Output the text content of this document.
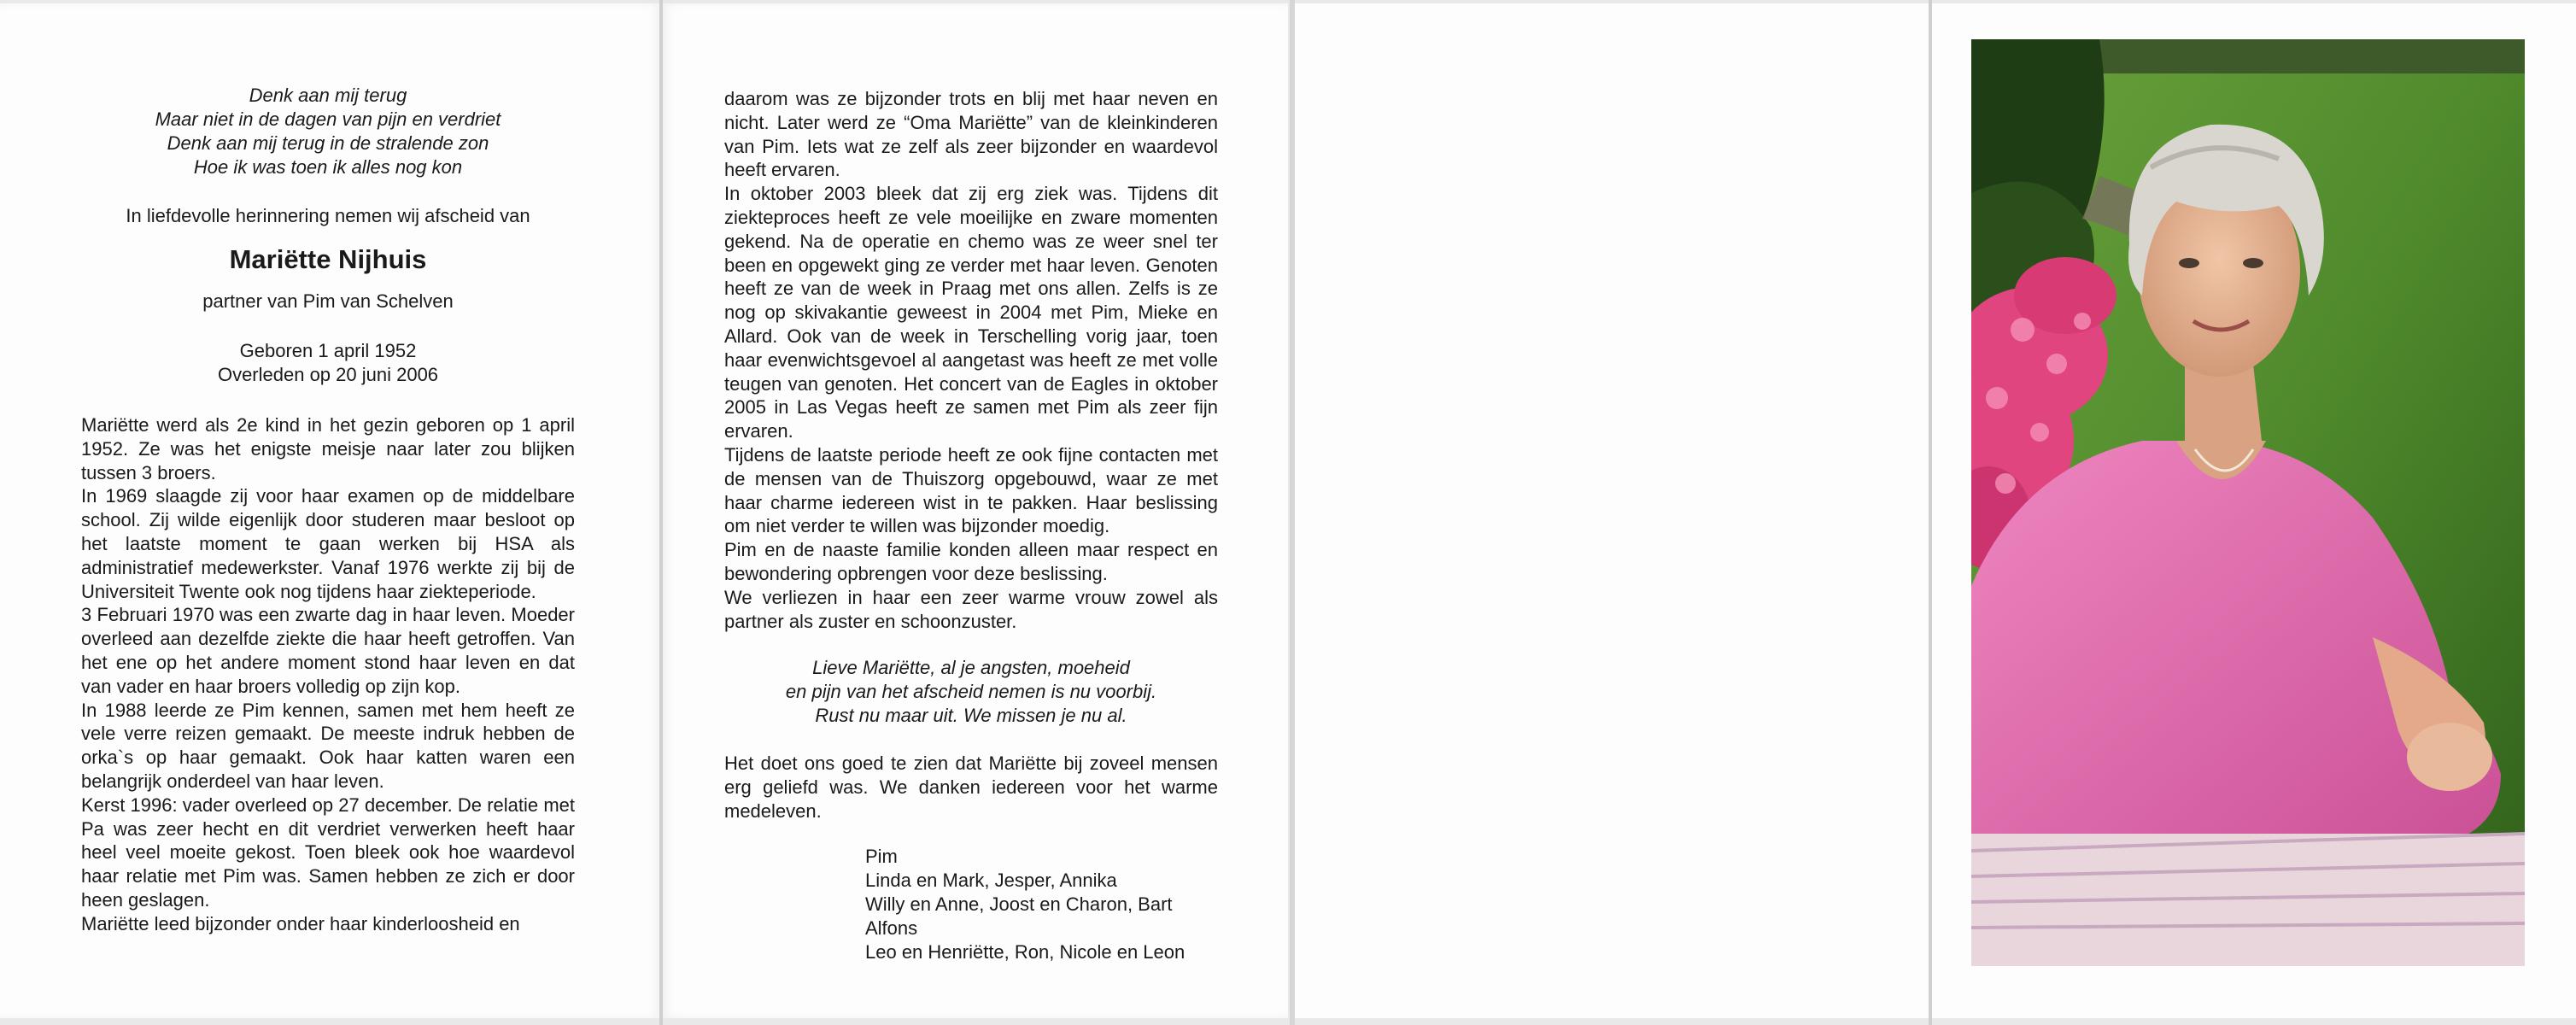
Denk aan mij terug
Maar niet in de dagen van pijn en verdriet
Denk aan mij terug in de stralende zon
Hoe ik was toen ik alles nog kon
In liefdevolle herinnering nemen wij afscheid van
Mariëtte Nijhuis
partner van Pim van Schelven
Geboren 1 april 1952
Overleden op 20 juni 2006
Mariëtte werd als 2e kind in het gezin geboren op 1 april 1952. Ze was het enigste meisje naar later zou blijken tussen 3 broers.
In 1969 slaagde zij voor haar examen op de middelbare school. Zij wilde eigenlijk door studeren maar besloot op het laatste moment te gaan werken bij HSA als administratief medewerkster. Vanaf 1976 werkte zij bij de Universiteit Twente ook nog tijdens haar ziekteperiode.
3 Februari 1970 was een zwarte dag in haar leven. Moeder overleed aan dezelfde ziekte die haar heeft getroffen. Van het ene op het andere moment stond haar leven en dat van vader en haar broers volledig op zijn kop.
In 1988 leerde ze Pim kennen, samen met hem heeft ze vele verre reizen gemaakt. De meeste indruk hebben de orka`s op haar gemaakt. Ook haar katten waren een belangrijk onderdeel van haar leven.
Kerst 1996: vader overleed op 27 december. De relatie met Pa was zeer hecht en dit verdriet verwerken heeft haar heel veel moeite gekost. Toen bleek ook hoe waardevol haar relatie met Pim was. Samen hebben ze zich er door heen geslagen.
Mariëtte leed bijzonder onder haar kinderloosheid en
daarom was ze bijzonder trots en blij met haar neven en nicht. Later werd ze “Oma Mariëtte” van de kleinkinderen van Pim. Iets wat ze zelf als zeer bijzonder en waardevol heeft ervaren.
In oktober 2003 bleek dat zij erg ziek was. Tijdens dit ziekteproces heeft ze vele moeilijke en zware momenten gekend. Na de operatie en chemo was ze weer snel ter been en opgewekt ging ze verder met haar leven. Genoten heeft ze van de week in Praag met ons allen. Zelfs is ze nog op skivakantie geweest in 2004 met Pim, Mieke en Allard. Ook van de week in Terschelling vorig jaar, toen haar evenwichtsgevoel al aangetast was heeft ze met volle teugen van genoten. Het concert van de Eagles in oktober 2005 in Las Vegas heeft ze samen met Pim als zeer fijn ervaren.
Tijdens de laatste periode heeft ze ook fijne contacten met de mensen van de Thuiszorg opgebouwd, waar ze met haar charme iedereen wist in te pakken. Haar beslissing om niet verder te willen was bijzonder moedig.
Pim en de naaste familie konden alleen maar respect en bewondering opbrengen voor deze beslissing.
We verliezen in haar een zeer warme vrouw zowel als partner als zuster en schoonzuster.
Lieve Mariëtte, al je angsten, moeheid
en pijn van het afscheid nemen is nu voorbij.
Rust nu maar uit. We missen je nu al.
Het doet ons goed te zien dat Mariëtte bij zoveel mensen erg geliefd was. We danken iedereen voor het warme medeleven.
Pim
Linda en Mark, Jesper, Annika
Willy en Anne, Joost en Charon, Bart
Alfons
Leo en Henriëtte, Ron, Nicole en Leon
